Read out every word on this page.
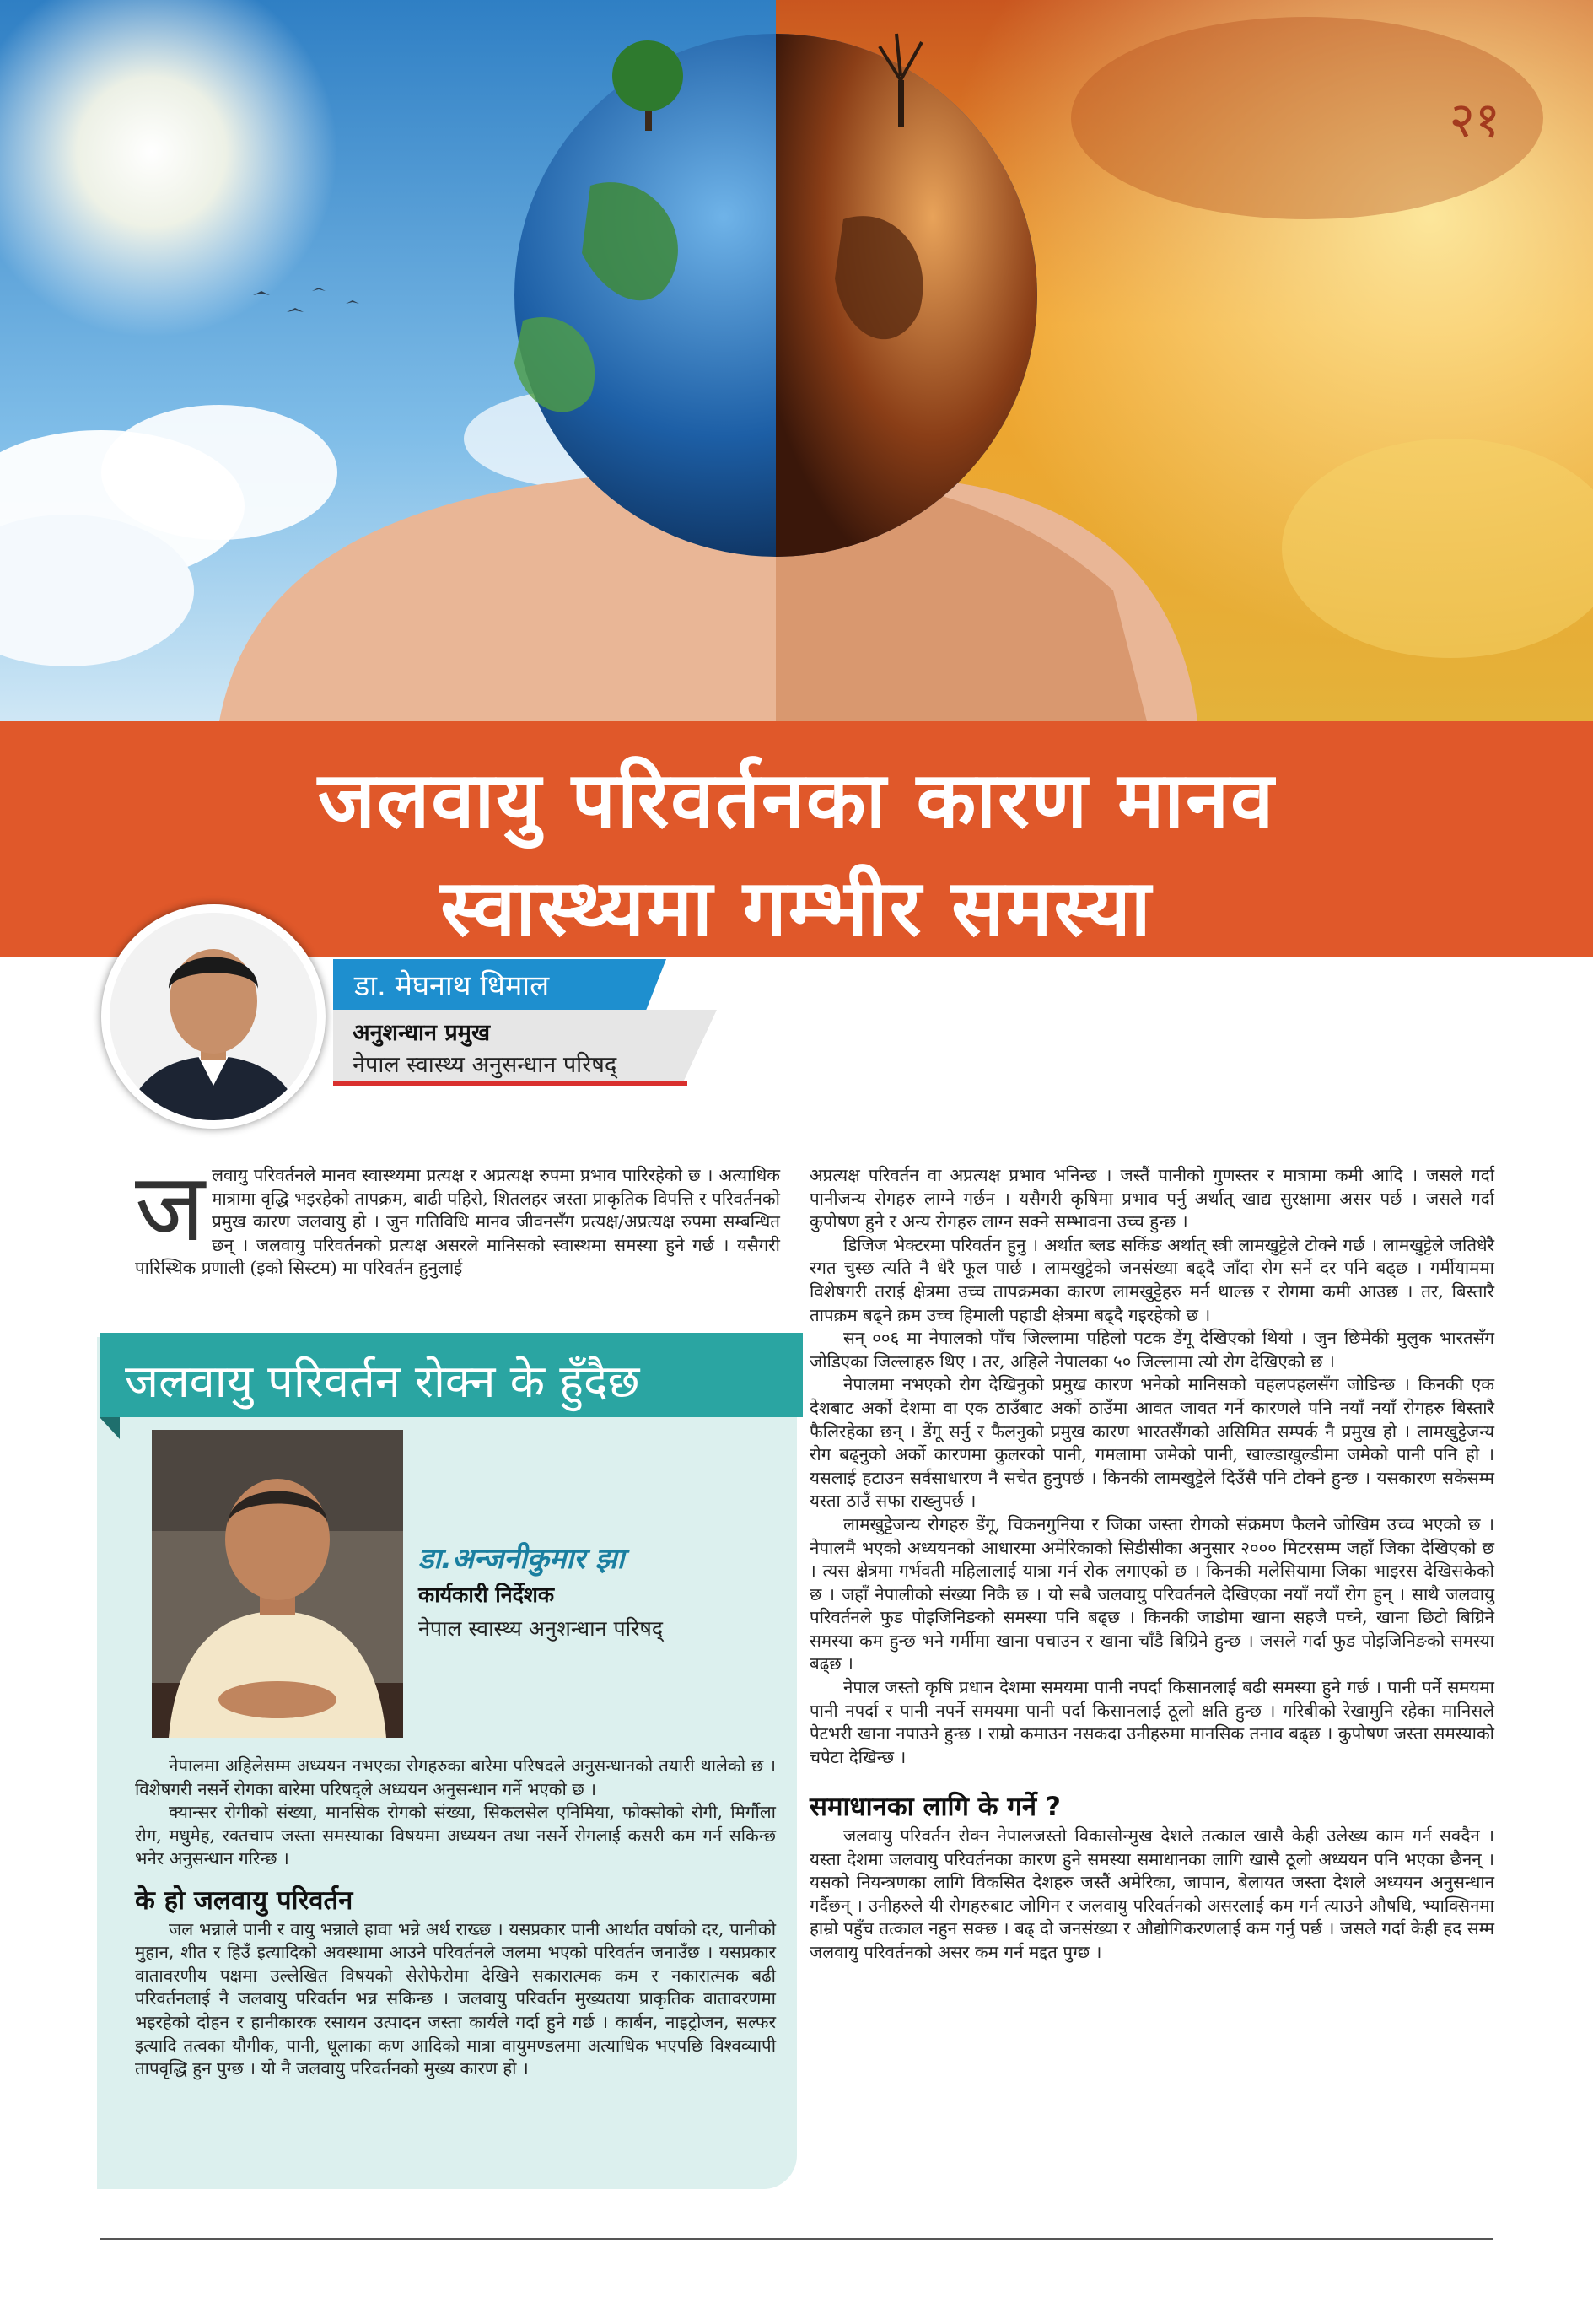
२१
जलवायु परिवर्तनका कारण मानव
स्वास्थ्यमा गम्भीर समस्या
डा. मेघनाथ धिमाल
अनुशन्धान प्रमुख
नेपाल स्वास्थ्य अनुसन्धान परिषद्
ज लवायु परिवर्तनले मानव स्वास्थ्यमा प्रत्यक्ष र अप्रत्यक्ष रुपमा प्रभाव पारिरहेको छ । अत्याधिक मात्रामा वृद्धि भइरहेको तापक्रम, बाढी पहिरो, शितलहर जस्ता प्राकृतिक विपत्ति र परिवर्तनको प्रमुख कारण जलवायु हो । जुन गतिविधि मानव जीवनसँग प्रत्यक्ष/अप्रत्यक्ष रुपमा सम्बन्धित छन् । जलवायु परिवर्तनको प्रत्यक्ष असरले मानिसको स्वास्थमा समस्या हुने गर्छ । यसैगरी पारिस्थिक प्रणाली (इको सिस्टम) मा परिवर्तन हुनुलाई

जलवायु परिवर्तन रोक्न के हुँदैछ
डा.अन्जनीकुमार झा
कार्यकारी निर्देशक
नेपाल स्वास्थ्य अनुशन्धान परिषद्

नेपालमा अहिलेसम्म अध्ययन नभएका रोगहरुका बारेमा परिषदले अनुसन्धानको तयारी थालेको छ । विशेषगरी नसर्ने रोगका बारेमा परिषद्ले अध्ययन अनुसन्धान गर्ने भएको छ ।

क्यान्सर रोगीको संख्या, मानसिक रोगको संख्या, सिकलसेल एनिमिया, फोक्सोको रोगी, मिर्गौला रोग, मधुमेह, रक्तचाप जस्ता समस्याका विषयमा अध्ययन तथा नसर्ने रोगलाई कसरी कम गर्न सकिन्छ भनेर अनुसन्धान गरिन्छ ।

के हो जलवायु परिवर्तन

जल भन्नाले पानी र वायु भन्नाले हावा भन्ने अर्थ राख्छ । यसप्रकार पानी आर्थात वर्षाको दर, पानीको मुहान, शीत र हिउँ इत्यादिको अवस्थामा आउने परिवर्तनले जलमा भएको परिवर्तन जनाउँछ । यसप्रकार वातावरणीय पक्षमा उल्लेखित विषयको सेरोफेरोमा देखिने सकारात्मक कम र नकारात्मक बढी परिवर्तनलाई नै जलवायु परिवर्तन भन्न सकिन्छ । जलवायु परिवर्तन मुख्यतया प्राकृतिक वातावरणमा भइरहेको दोहन र हानीकारक रसायन उत्पादन जस्ता कार्यले गर्दा हुने गर्छ । कार्बन, नाइट्रोजन, सल्फर इत्यादि तत्वका यौगीक, पानी, धूलाका कण आदिको मात्रा वायुमण्डलमा अत्याधिक भएपछि विश्वव्यापी तापवृद्धि हुन पुग्छ । यो नै जलवायु परिवर्तनको मुख्य कारण हो ।

अप्रत्यक्ष परिवर्तन वा अप्रत्यक्ष प्रभाव भनिन्छ । जस्तैं पानीको गुणस्तर र मात्रामा कमी आदि । जसले गर्दा पानीजन्य रोगहरु लाग्ने गर्छन । यसैगरी कृषिमा प्रभाव पर्नु अर्थात् खाद्य सुरक्षामा असर पर्छ । जसले गर्दा कुपोषण हुने र अन्य रोगहरु लाग्न सक्ने सम्भावना उच्च हुन्छ ।

डिजिज भेक्टरमा परिवर्तन हुनु । अर्थात ब्लड सकिंङ अर्थात् स्त्री लामखुट्टेले टोक्ने गर्छ । लामखुट्टेले जतिधेरै रगत चुस्छ त्यति नै धेरै फूल पार्छ । लामखुट्टेको जनसंख्या बढ्दै जाँदा रोग सर्ने दर पनि बढ्छ । गर्मीयाममा विशेषगरी तराई क्षेत्रमा उच्च तापक्रमका कारण लामखुट्टेहरु मर्न थाल्छ र रोगमा कमी आउछ । तर, बिस्तारै तापक्रम बढ्ने क्रम उच्च हिमाली पहाडी क्षेत्रमा बढ्दै गइरहेको छ ।

सन् ००६ मा नेपालको पाँच जिल्लामा पहिलो पटक डेंगू देखिएको थियो । जुन छिमेकी मुलुक भारतसँग जोडिएका जिल्लाहरु थिए । तर, अहिले नेपालका ५० जिल्लामा त्यो रोग देखिएको छ ।

नेपालमा नभएको रोग देखिनुको प्रमुख कारण भनेको मानिसको चहलपहलसँग जोडिन्छ । किनकी एक देशबाट अर्को देशमा वा एक ठाउँबाट अर्को ठाउँमा आवत जावत गर्ने कारणले पनि नयाँ नयाँ रोगहरु बिस्तारै फैलिरहेका छन् । डेंगू सर्नु र फैलनुको प्रमुख कारण भारतसँगको असिमित सम्पर्क नै प्रमुख हो । लामखुट्टेजन्य रोग बढ्नुको अर्को कारणमा कुलरको पानी, गमलामा जमेको पानी, खाल्डाखुल्डीमा जमेको पानी पनि हो । यसलाई हटाउन सर्वसाधारण नै सचेत हुनुपर्छ । किनकी लामखुट्टेले दिउँसै पनि टोक्ने हुन्छ । यसकारण सकेसम्म यस्ता ठाउँ सफा राख्नुपर्छ ।

लामखुट्टेजन्य रोगहरु डेंगू, चिकनगुनिया र जिका जस्ता रोगको संक्रमण फैलने जोखिम उच्च भएको छ । नेपालमै भएको अध्ययनको आधारमा अमेरिकाको सिडीसीका अनुसार २००० मिटरसम्म जहाँ जिका देखिएको छ । त्यस क्षेत्रमा गर्भवती महिलालाई यात्रा गर्न रोक लगाएको छ । किनकी मलेसियामा जिका भाइरस देखिसकेको छ । जहाँ नेपालीको संख्या निकै छ । यो सबै जलवायु परिवर्तनले देखिएका नयाँ नयाँ रोग हुन् । साथै जलवायु परिवर्तनले फुड पोइजिनिङको समस्या पनि बढ्छ । किनकी जाडोमा खाना सहजै पच्ने, खाना छिटो बिग्रिने समस्या कम हुन्छ भने गर्मीमा खाना पचाउन र खाना चाँडै बिग्रिने हुन्छ । जसले गर्दा फुड पोइजिनिङको समस्या बढ्छ ।

नेपाल जस्तो कृषि प्रधान देशमा समयमा पानी नपर्दा किसानलाई बढी समस्या हुने गर्छ । पानी पर्ने समयमा पानी नपर्दा र पानी नपर्ने समयमा पानी पर्दा किसानलाई ठूलो क्षति हुन्छ । गरिबीको रेखामुनि रहेका मानिसले पेटभरी खाना नपाउने हुन्छ । राम्रो कमाउन नसकदा उनीहरुमा मानसिक तनाव बढ्छ । कुपोषण जस्ता समस्याको चपेटा देखिन्छ ।

समाधानका लागि के गर्ने ?

जलवायु परिवर्तन रोक्न नेपालजस्तो विकासोन्मुख देशले तत्काल खासै केही उलेख्य काम गर्न सक्दैन । यस्ता देशमा जलवायु परिवर्तनका कारण हुने समस्या समाधानका लागि खासै ठूलो अध्ययन पनि भएका छैनन् । यसको नियन्त्रणका लागि विकसित देशहरु जस्तैं अमेरिका, जापान, बेलायत जस्ता देशले अध्ययन अनुसन्धान गर्दैछन् । उनीहरुले यी रोगहरुबाट जोगिन र जलवायु परिवर्तनको असरलाई कम गर्न त्याउने औषधि, भ्याक्सिनमा हाम्रो पहुँच तत्काल नहुन सक्छ । बढ् दो जनसंख्या र औद्योगिकरणलाई कम गर्नु पर्छ । जसले गर्दा केही हद सम्म जलवायु परिवर्तनको असर कम गर्न मद्दत पुग्छ ।
